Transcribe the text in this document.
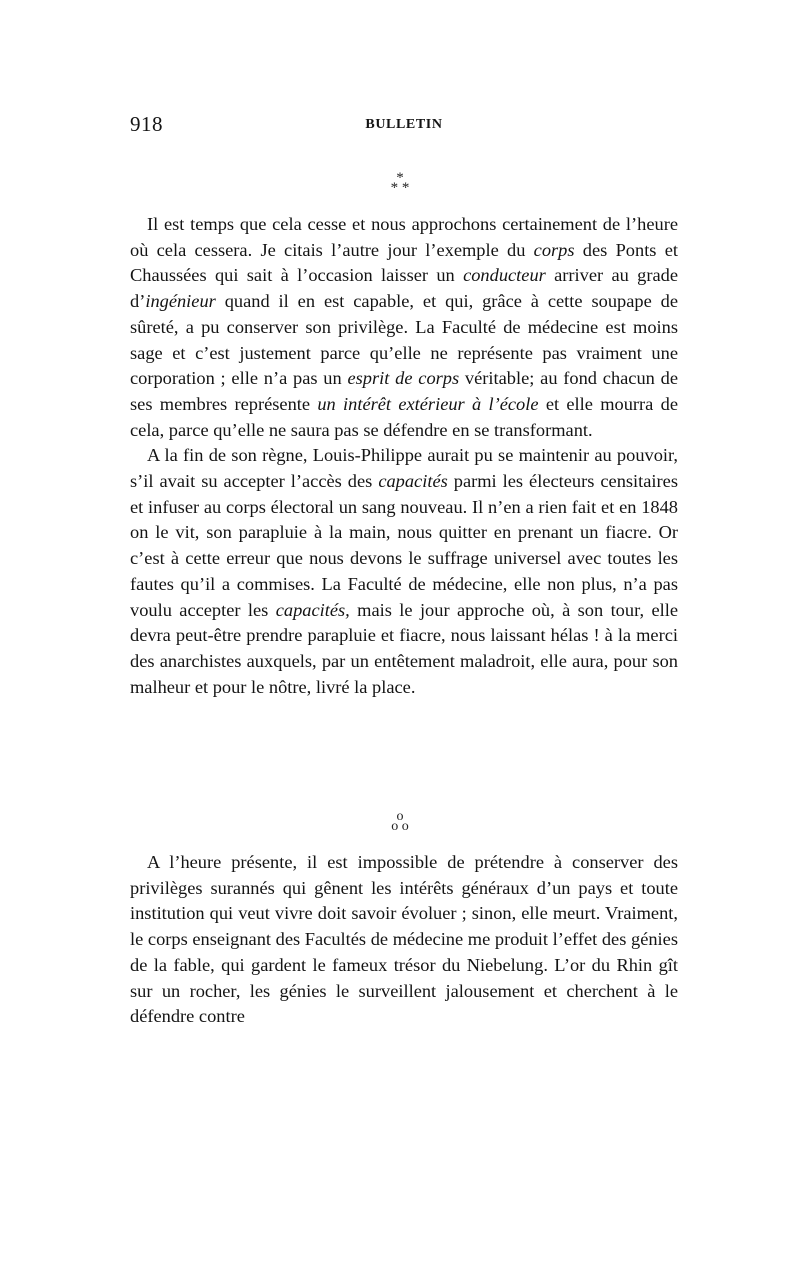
918	BULLETIN
*
* *

Il est temps que cela cesse et nous approchons certainement de l’heure où cela cessera. Je citais l’autre jour l’exemple du corps des Ponts et Chaussées qui sait à l’occasion laisser un conducteur arriver au grade d’ingénieur quand il en est capable, et qui, grâce à cette soupape de sûreté, a pu conserver son privilège. La Faculté de médecine est moins sage et c’est justement parce qu’elle ne représente pas vraiment une corporation ; elle n’a pas un esprit de corps véritable; au fond chacun de ses membres représente un intérêt extérieur à l’école et elle mourra de cela, parce qu’elle ne saura pas se défendre en se transformant.

A la fin de son règne, Louis-Philippe aurait pu se maintenir au pouvoir, s’il avait su accepter l’accès des capacités parmi les électeurs censitaires et infuser au corps électoral un sang nouveau. Il n’en a rien fait et en 1848 on le vit, son parapluie à la main, nous quitter en prenant un fiacre. Or c’est à cette erreur que nous devons le suffrage universel avec toutes les fautes qu’il a commises. La Faculté de médecine, elle non plus, n’a pas voulu accepter les capacités, mais le jour approche où, à son tour, elle devra peut-être prendre parapluie et fiacre, nous laissant hélas ! à la merci des anarchistes auxquels, par un entêtement maladroit, elle aura, pour son malheur et pour le nôtre, livré la place.

o
o o

A l’heure présente, il est impossible de prétendre à conserver des privilèges surannés qui gênent les intérêts généraux d’un pays et toute institution qui veut vivre doit savoir évoluer ; sinon, elle meurt. Vraiment, le corps enseignant des Facultés de médecine me produit l’effet des génies de la fable, qui gardent le fameux trésor du Niebelung. L’or du Rhin gît sur un rocher, les génies le surveillent jalousement et cherchent à le défendre contre
